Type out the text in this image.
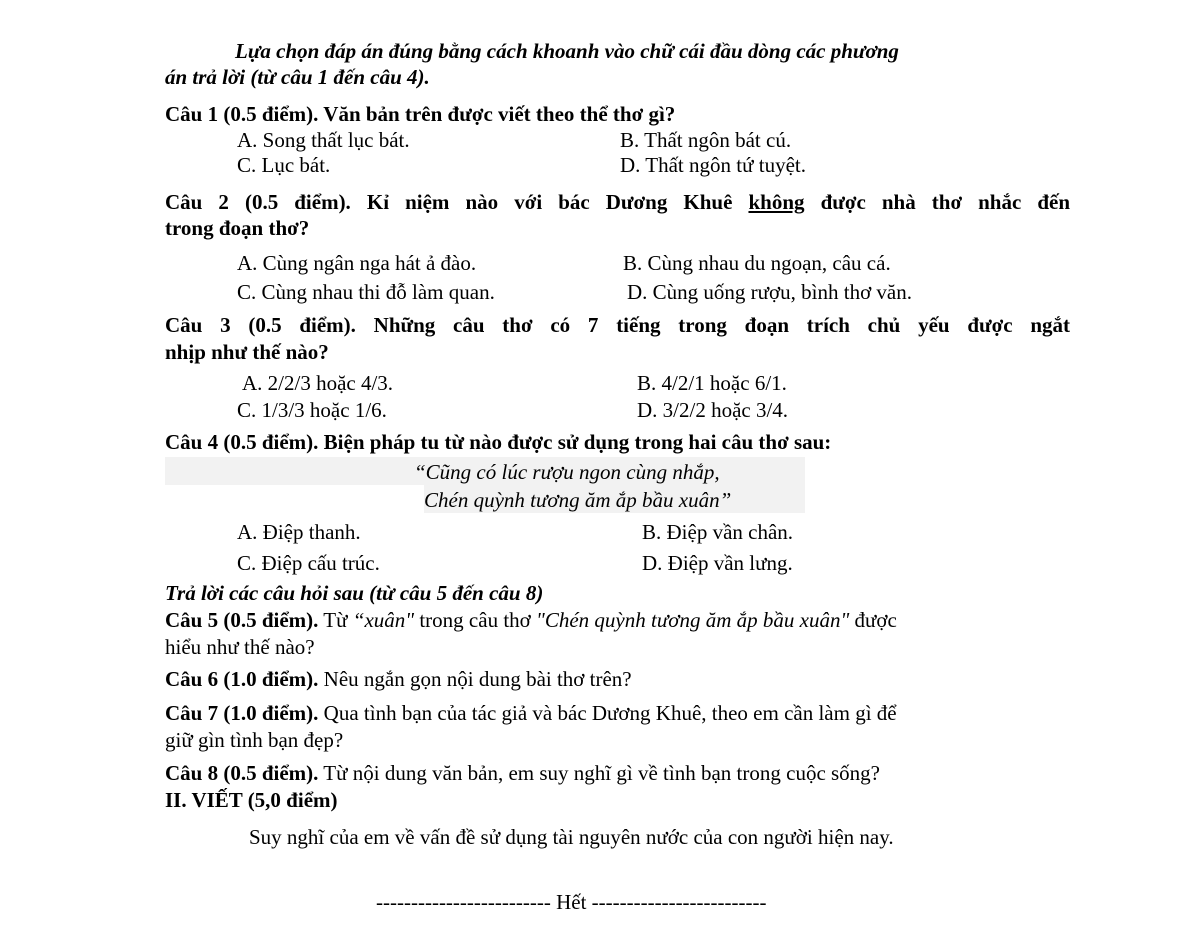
Lựa chọn đáp án đúng bằng cách khoanh vào chữ cái đầu dòng các phương
án trả lời (từ câu 1 đến câu 4).
Câu 1 (0.5 điểm). Văn bản trên được viết theo thể thơ gì?
A. Song thất lục bát.	B. Thất ngôn bát cú.
C. Lục bát.	D. Thất ngôn tứ tuyệt.
Câu 2 (0.5 điểm). Kỉ niệm nào với bác Dương Khuê không được nhà thơ nhắc đến
trong đoạn thơ?
A. Cùng ngân nga hát ả đào.	B. Cùng nhau du ngoạn, câu cá.
C. Cùng nhau thi đỗ làm quan.	D. Cùng uống rượu, bình thơ văn.
Câu 3 (0.5 điểm). Những câu thơ có 7 tiếng trong đoạn trích chủ yếu được ngắt
nhịp như thế nào?
A. 2/2/3 hoặc 4/3.	B. 4/2/1 hoặc 6/1.
C. 1/3/3 hoặc 1/6.	D. 3/2/2 hoặc 3/4.
Câu 4 (0.5 điểm). Biện pháp tu từ nào được sử dụng trong hai câu thơ sau:
“Cũng có lúc rượu ngon cùng nhắp,
Chén quỳnh tương ăm ắp bầu xuân”
A. Điệp thanh.	B. Điệp vần chân.
C. Điệp cấu trúc.	D. Điệp vần lưng.
Trả lời các câu hỏi sau (từ câu 5 đến câu 8)
Câu 5 (0.5 điểm). Từ “xuân" trong câu thơ "Chén quỳnh tương ăm ắp bầu xuân" được
hiểu như thế nào?
Câu 6 (1.0 điểm). Nêu ngắn gọn nội dung bài thơ trên?
Câu 7 (1.0 điểm). Qua tình bạn của tác giả và bác Dương Khuê, theo em cần làm gì để
giữ gìn tình bạn đẹp?
Câu 8 (0.5 điểm). Từ nội dung văn bản, em suy nghĩ gì về tình bạn trong cuộc sống?
II. VIẾT (5,0 điểm)
Suy nghĩ của em về vấn đề sử dụng tài nguyên nước của con người hiện nay.
------------------------- Hết -------------------------
